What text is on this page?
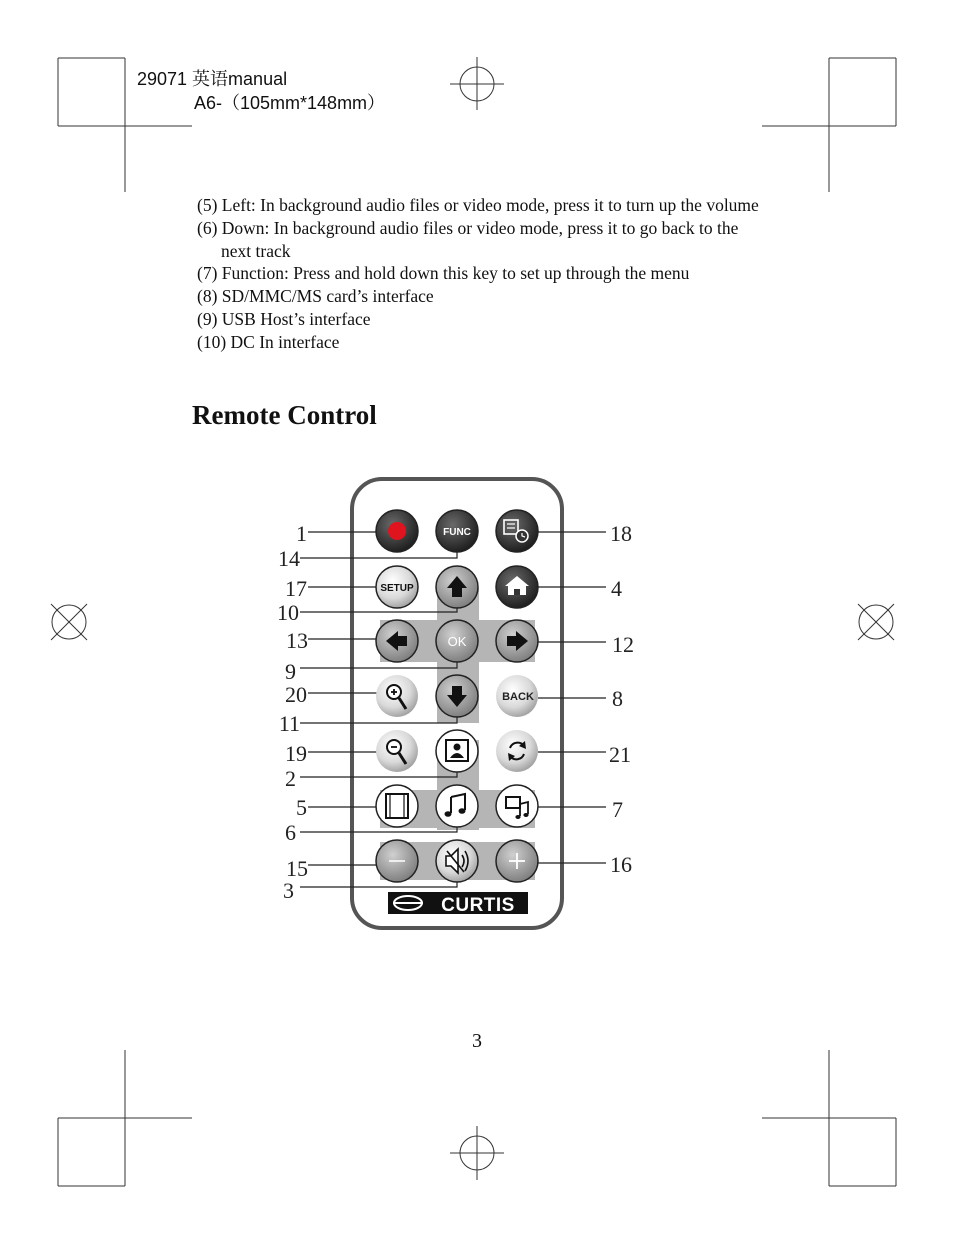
29071 英语manual
A6-（105mm*148mm）
(5) Left: In background audio files or video mode, press it to turn up the volume
(6) Down: In background audio files or video mode, press it to go back to the next track
(7) Function: Press and hold down this key to set up through the menu
(8) SD/MMC/MS card’s interface
(9) USB Host’s interface
(10) DC In interface
Remote Control
FUNC
SETUP
OK
BACK
CURTIS
1
14
17
10
13
9
20
11
19
2
5
6
15
3
18
4
12
8
21
7
16
3
